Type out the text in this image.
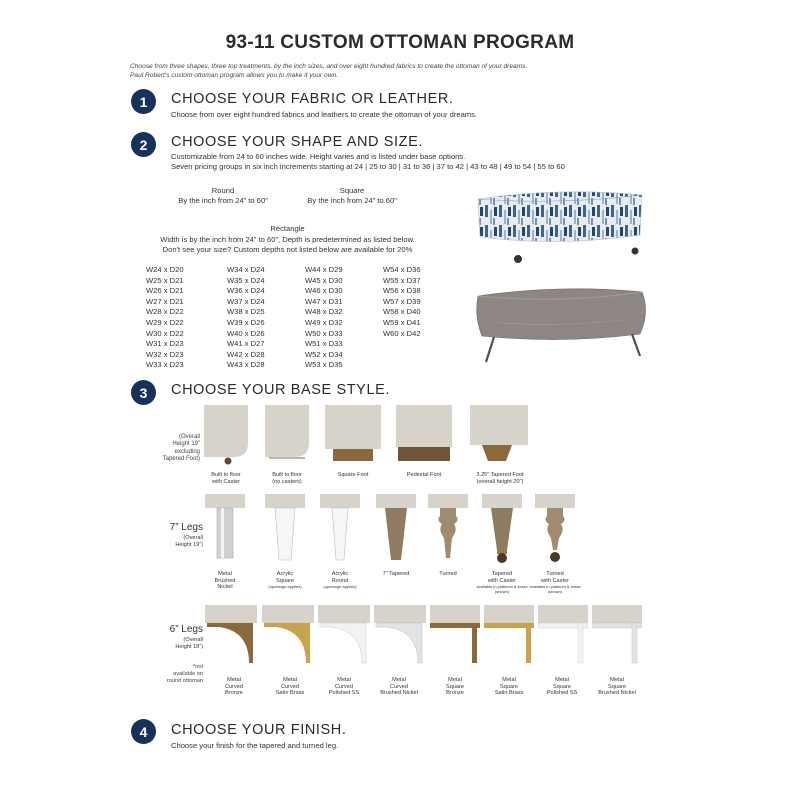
93-11 CUSTOM OTTOMAN PROGRAM
Choose from three shapes, three top treatments, by the inch sizes, and over eight hundred fabrics to create the ottoman of your dreams.
Paul Robert's custom ottoman program allows you to make it your own.
1	CHOOSE YOUR FABRIC OR LEATHER.
Choose from over eight hundred fabrics and leathers to create the ottoman of your dreams.
2	CHOOSE YOUR SHAPE AND SIZE.
Customizable from 24 to 60 inches wide. Height varies and is listed under base options.
Seven pricing groups in six inch increments starting at 24 | 25 to 30 | 31 to 36 | 37 to 42 | 43 to 48 | 49 to 54 | 55 to 60
Round
By the inch from 24” to 60”
Square
By the inch from 24” to 60”
Rectangle
Width is by the inch from 24” to 60”, Depth is predetermined as listed below.
Don't see your size? Custom depths not listed below are available for 20%
W24 x D20
W25 x D21
W26 x D21
W27 x D21
W28 x D22
W29 x D22
W30 x D22
W31 x D23
W32 x D23
W33 x D23
W34 x D24
W35 x D24
W36 x D24
W37 x D24
W38 x D25
W39 x D26
W40 x D26
W41 x D27
W42 x D28
W43 x D28
W44 x D29
W45 x D30
W46 x D30
W47 x D31
W48 x D32
W49 x D32
W50 x D33
W51 x D33
W52 x D34
W53 x D35
W54 x D36
W55 x D37
W56 x D38
W57 x D39
W58 x D40
W59 x D41
W60 x D42
3	CHOOSE YOUR BASE STYLE.
(Overall
Height 19”
excluding
Tapered Foot)
Built to floor
with Caster
Built to floor
(no casters)
Square Foot	Pedestal Foot	3.25” Tapered Foot
(overall height 20”)
7” Legs
(Overall
Height 19”)
Metal
Brushed
Nickel
Acrylic
Square
(upcharge applies)
Acrylic
Round
(upcharge applies)
7” Tapered	Turned	Tapered
with Caster
available in platinum & brass (shown)
Turned
with Caster
available in platinum & brass (shown)
6” Legs
(Overall
Height 18”)
*not
available on
round ottoman	Metal
Curved
Bronze
Metal
Curved
Satin Brass
Metal
Curved
Polished SS
Metal
Curved
Brushed Nickel
Metal
Square
Bronze
Metal
Square
Satin Brass
Metal
Square
Polished SS
Metal
Square
Brushed Nickel
4	CHOOSE YOUR FINISH.
Choose your finish for the tapered and turned leg.
